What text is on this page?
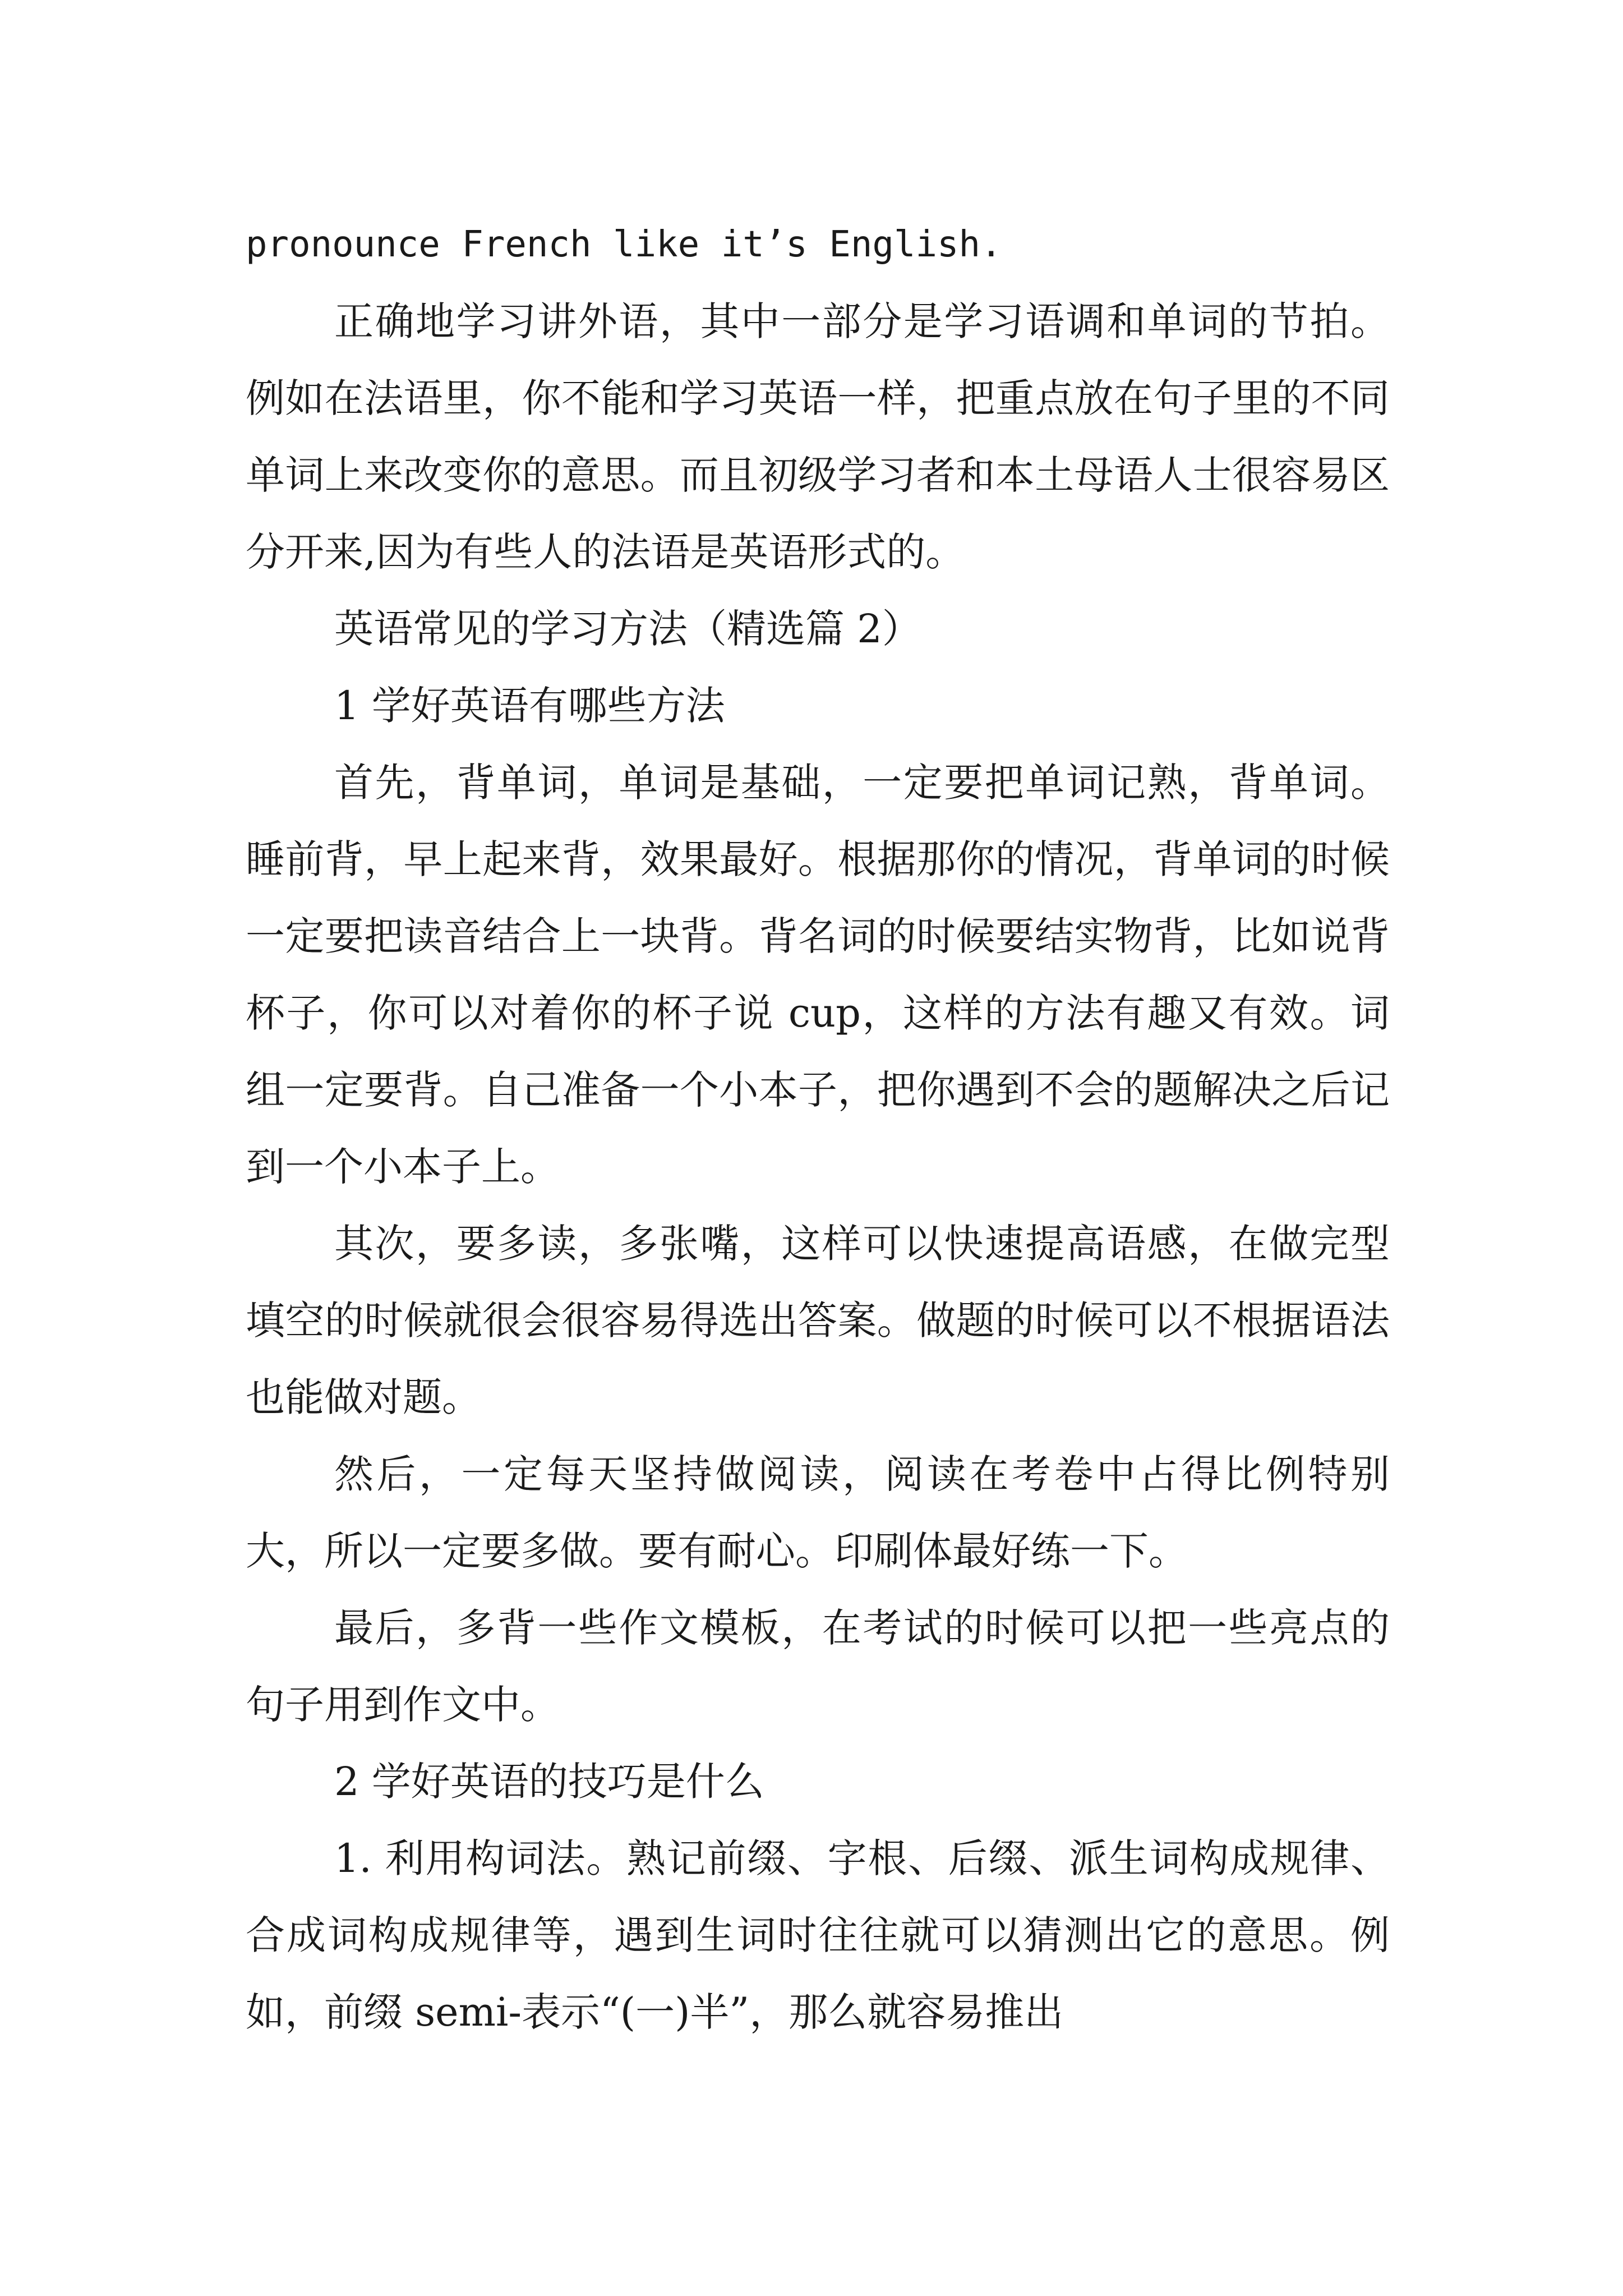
pronounce French like it’s English.

正确地学习讲外语，其中一部分是学习语调和单词的节拍。例如在法语里，你不能和学习英语一样，把重点放在句子里的不同单词上来改变你的意思。而且初级学习者和本土母语人士很容易区分开来,因为有些人的法语是英语形式的。

英语常见的学习方法（精选篇 2）

1 学好英语有哪些方法

首先，背单词，单词是基础，一定要把单词记熟，背单词。睡前背，早上起来背，效果最好。根据那你的情况，背单词的时候一定要把读音结合上一块背。背名词的时候要结实物背，比如说背杯子，你可以对着你的杯子说 cup，这样的方法有趣又有效。词组一定要背。自己准备一个小本子，把你遇到不会的题解决之后记到一个小本子上。

其次，要多读，多张嘴，这样可以快速提高语感，在做完型填空的时候就很会很容易得选出答案。做题的时候可以不根据语法也能做对题。

然后，一定每天坚持做阅读，阅读在考卷中占得比例特别大，所以一定要多做。要有耐心。印刷体最好练一下。

最后，多背一些作文模板，在考试的时候可以把一些亮点的句子用到作文中。

2 学好英语的技巧是什么

1. 利用构词法。熟记前缀、字根、后缀、派生词构成规律、合成词构成规律等，遇到生词时往往就可以猜测出它的意思。例如，前缀 semi-表示“(一)半”，那么就容易推出
